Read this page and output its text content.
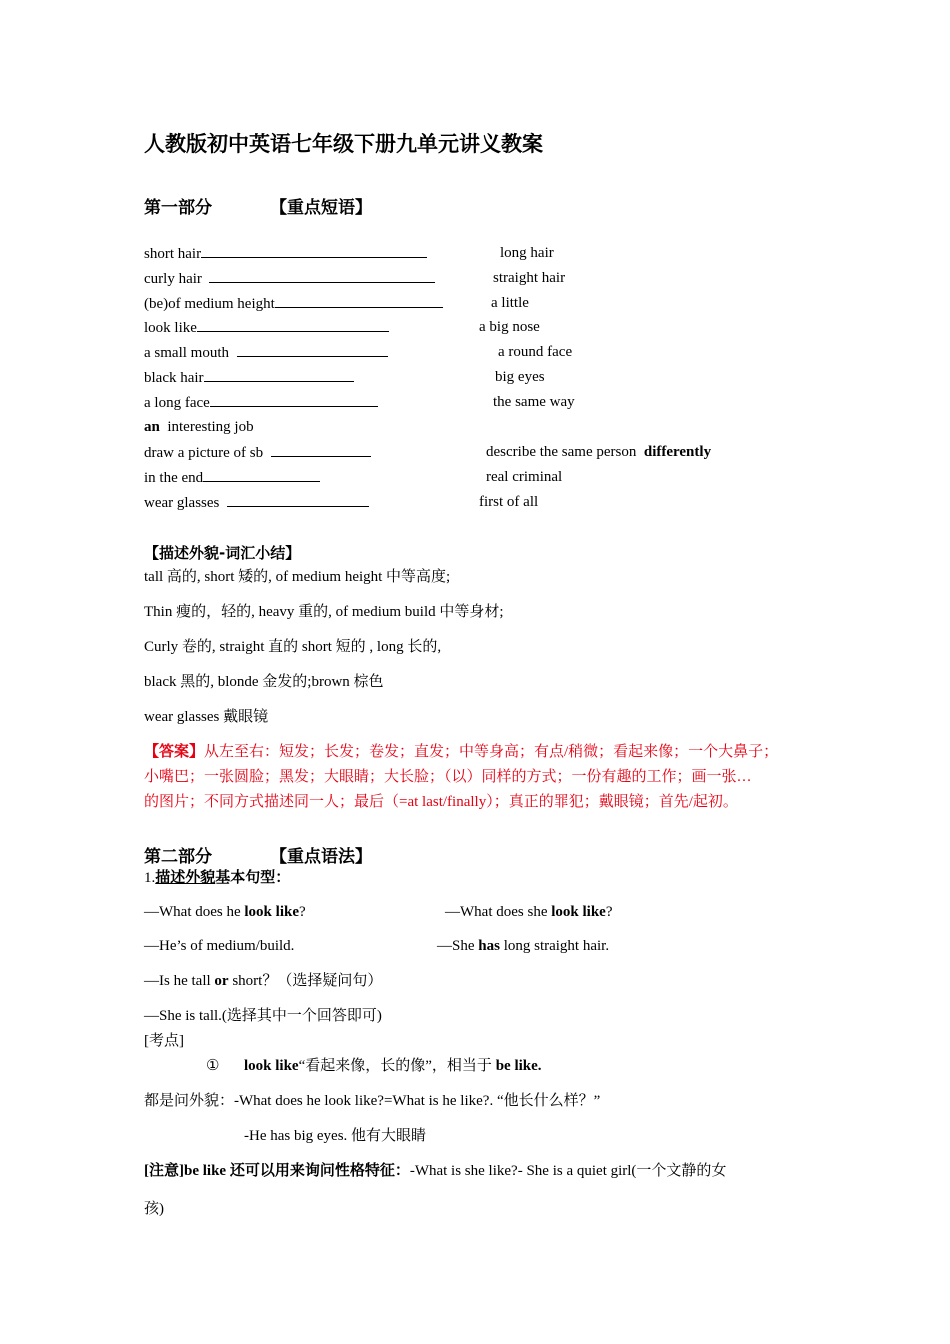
人教版初中英语七年级下册九单元讲义教案
第一部分	【重点短语】
short hair	long hair
curly hair	straight hair
(be)of medium height	a little
look like	a big nose
a small mouth	a round face
black hair	big eyes
a long face	the same way
an interesting job
draw a picture of sb	describe the same person differently
in the end	real criminal
wear glasses	first of all
【描述外貌-词汇小结】
tall 高的, short 矮的, of medium height 中等高度;
Thin 瘦的，轻的, heavy 重的, of medium build 中等身材;
Curly 卷的, straight 直的 short 短的 , long 长的,
black 黑的, blonde 金发的;brown 棕色
wear glasses 戴眼镜
【答案】从左至右：短发；长发；卷发；直发；中等身高；有点/稍微；看起来像；一个大鼻子；
小嘴巴；一张圆脸；黑发；大眼睛；大长脸；（以）同样的方式；一份有趣的工作；画一张…
的图片；不同方式描述同一人；最后（=at last/finally）；真正的罪犯；戴眼镜；首先/起初。
第二部分	【重点语法】
1.描述外貌基本句型：
—What does he look like?	—What does she look like?
—He’s of medium/build.	—She has long straight hair.
—Is he tall or short？（选择疑问句）
—She is tall.(选择其中一个回答即可)
[考点]
① look like“看起来像，长的像”，相当于 be like.
都是问外貌：-What does he look like?=What is he like?. “他长什么样？”
-He has big eyes. 他有大眼睛
[注意]be like 还可以用来询问性格特征：-What is she like?- She is a quiet girl(一个文静的女
孩)
